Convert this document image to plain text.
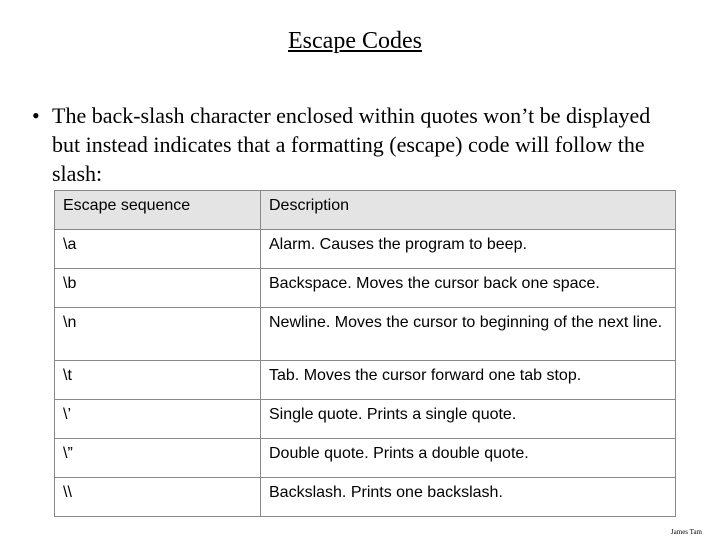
Escape Codes
• The back-slash character enclosed within quotes won’t be displayed but instead indicates that a formatting (escape) code will follow the slash:
Escape sequence	Description
\a	Alarm. Causes the program to beep.
\b	Backspace. Moves the cursor back one space.
\n	Newline. Moves the cursor to beginning of the next line.
\t	Tab. Moves the cursor forward one tab stop.
\’	Single quote. Prints a single quote.
\”	Double quote. Prints a double quote.
\\	Backslash. Prints one backslash.
James Tam
